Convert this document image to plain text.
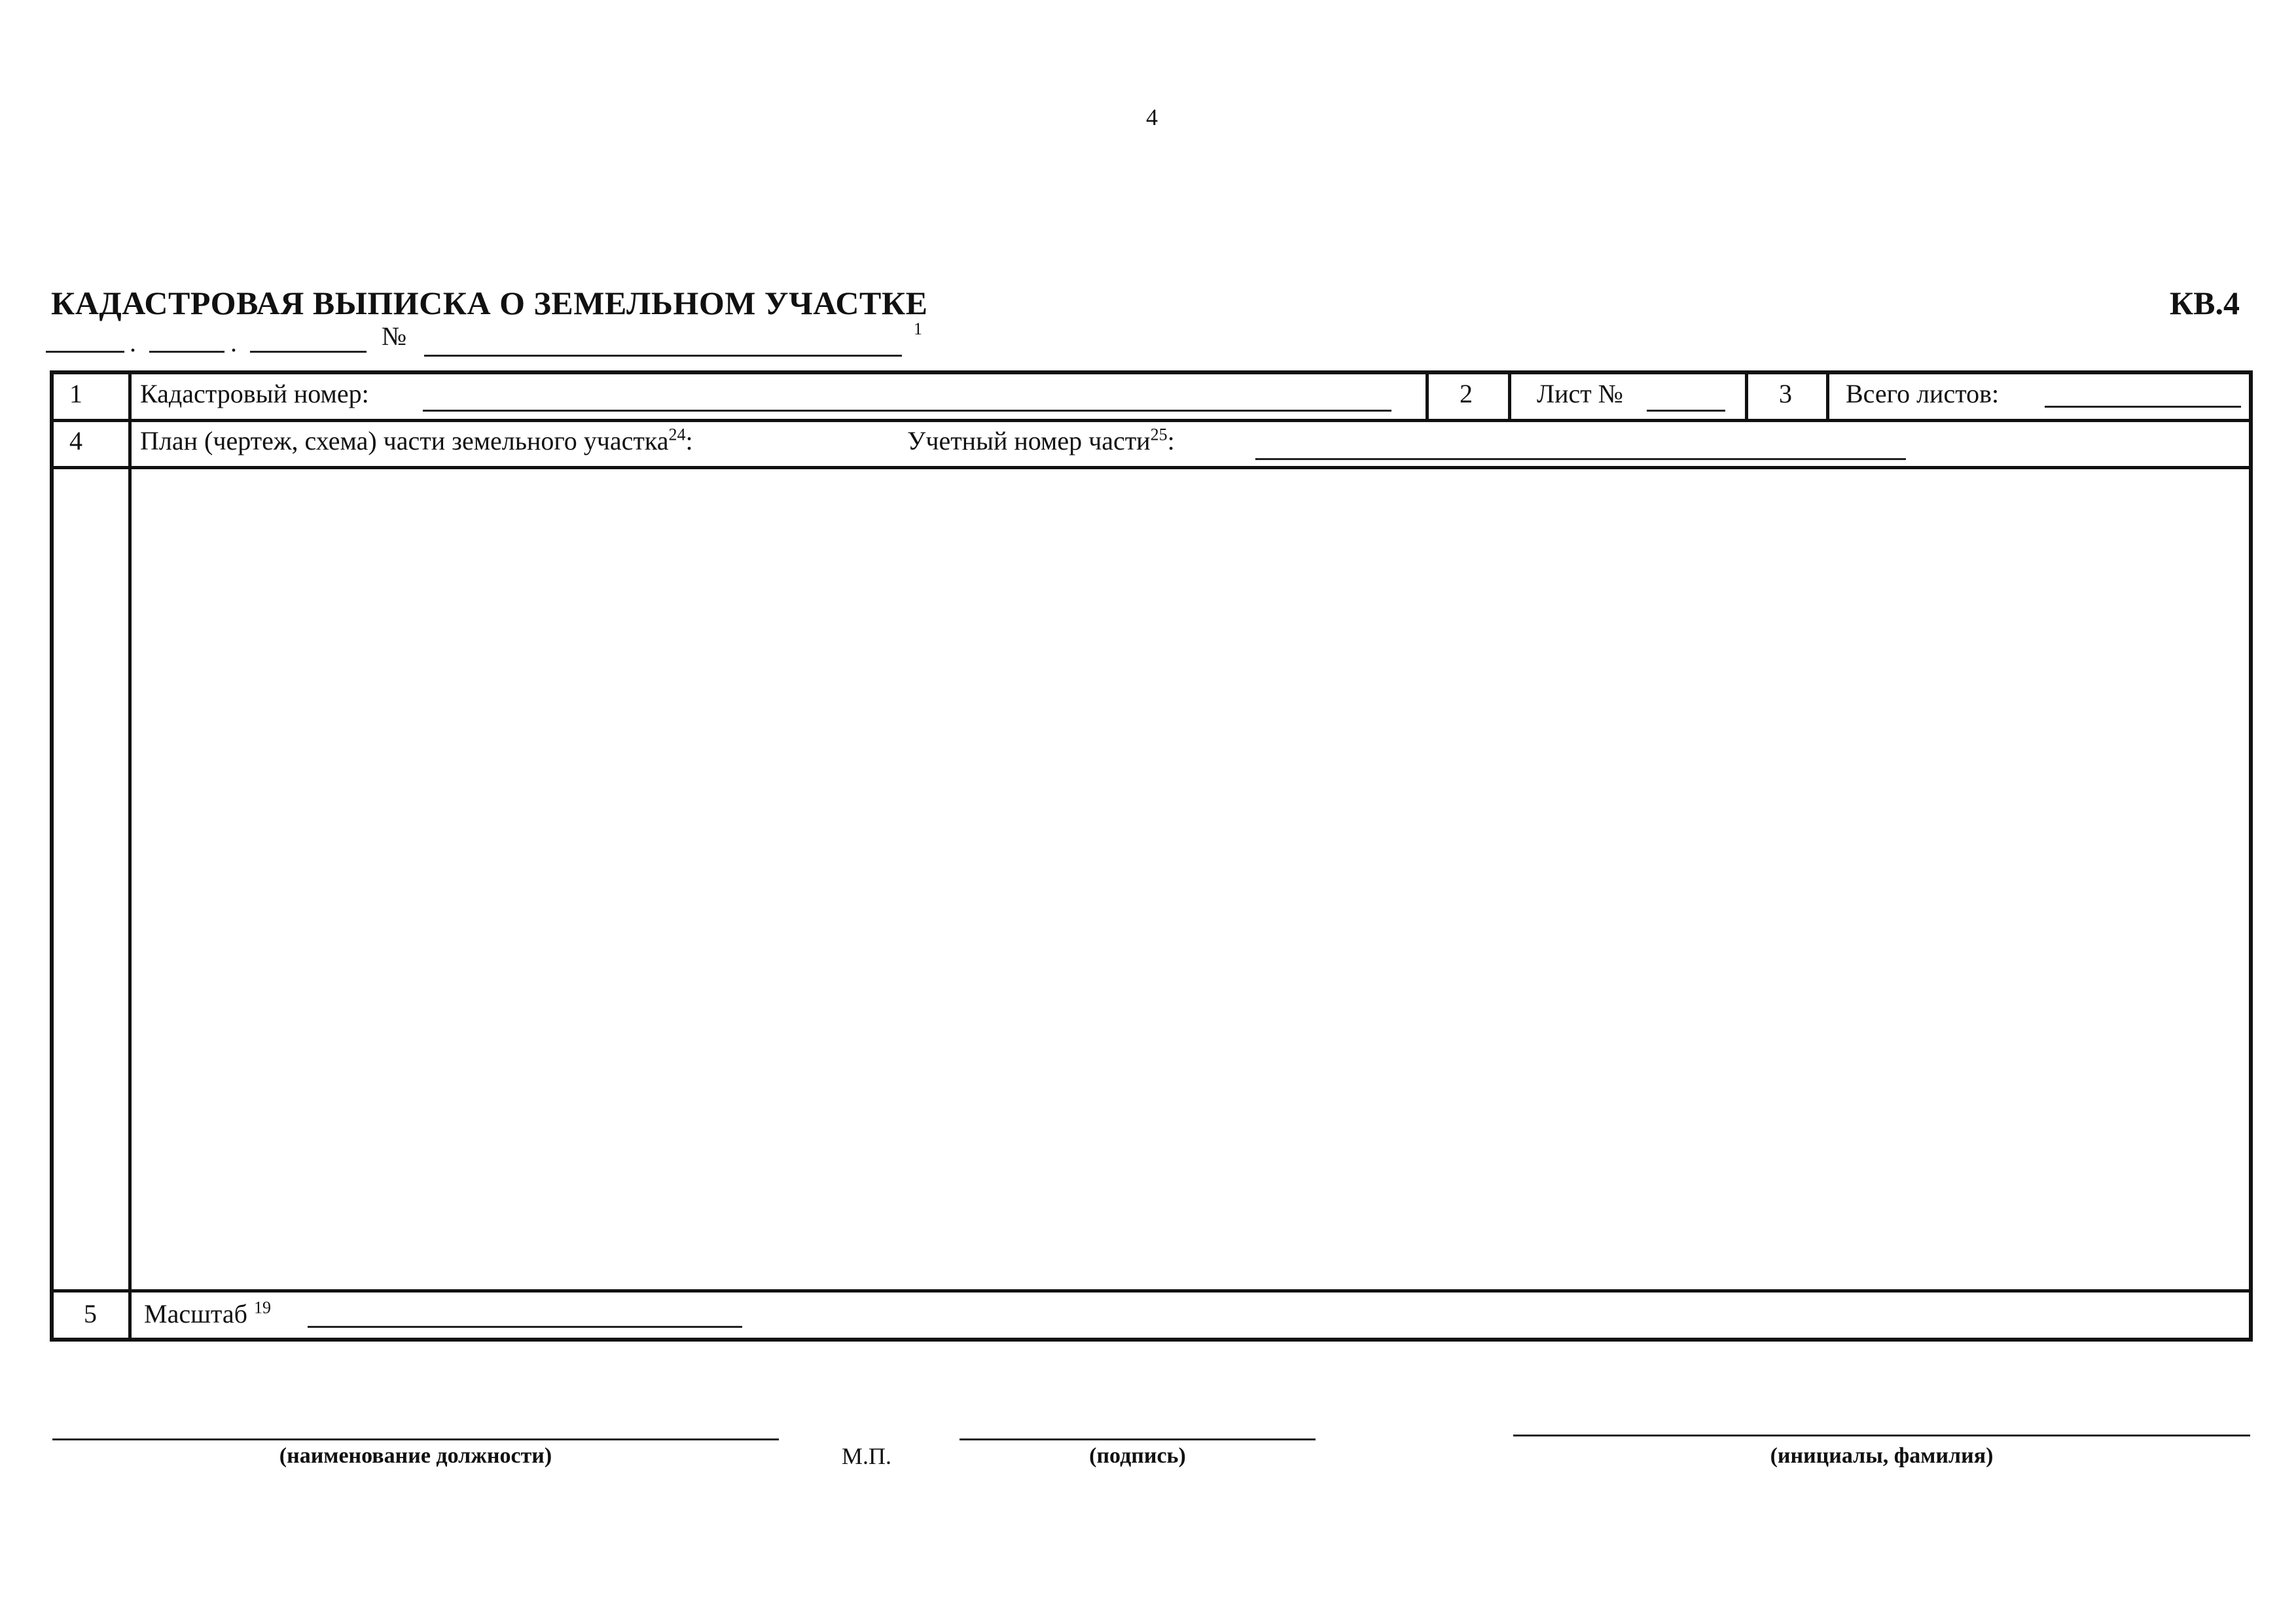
4
КАДАСТРОВАЯ ВЫПИСКА О ЗЕМЕЛЬНОМ УЧАСТКЕ	КВ.4
.	.	№	1
1	Кадастровый номер:	2	Лист №	3	Всего листов:
4	План (чертеж, схема) части земельного участка$^{24}$:	Учетный номер части$^{25}$:
5	Масштаб $^{19}$
(наименование должности)	М.П.	(подпись)	(инициалы, фамилия)
